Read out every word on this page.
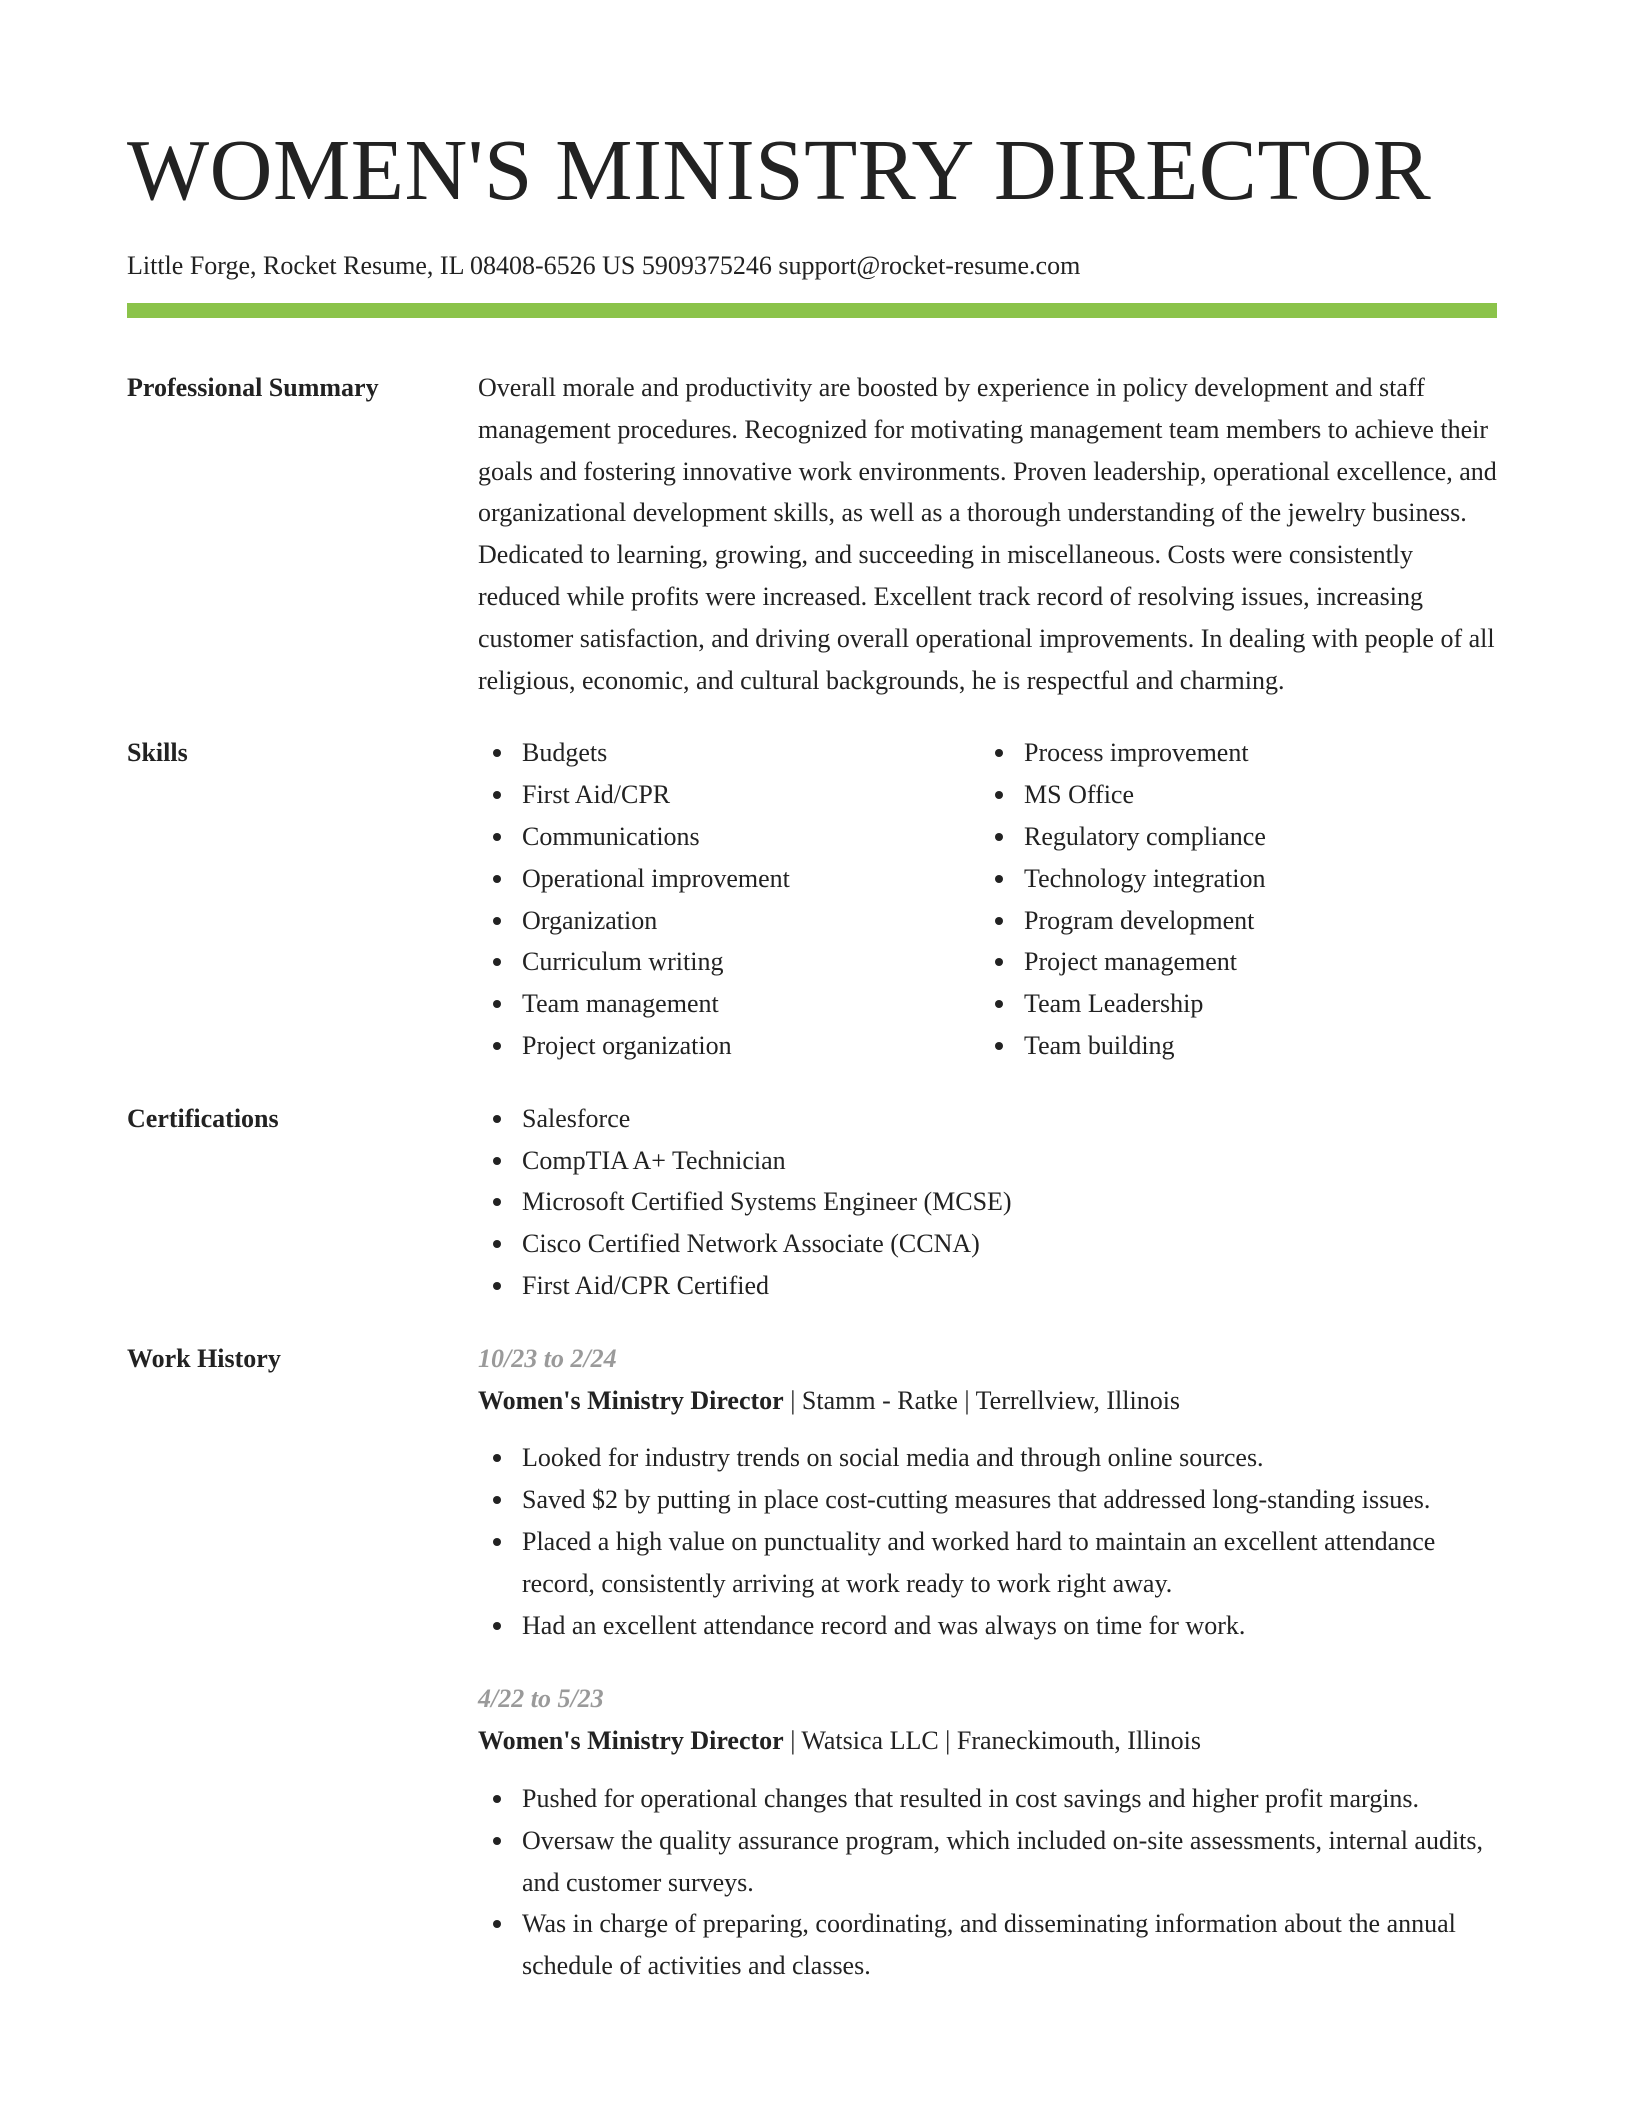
WOMEN'S MINISTRY DIRECTOR
Little Forge, Rocket Resume, IL 08408-6526 US 5909375246 support@rocket-resume.com
Professional Summary	Overall morale and productivity are boosted by experience in policy development and staff management procedures. Recognized for motivating management team members to achieve their goals and fostering innovative work environments. Proven leadership, operational excellence, and organizational development skills, as well as a thorough understanding of the jewelry business. Dedicated to learning, growing, and succeeding in miscellaneous. Costs were consistently reduced while profits were increased. Excellent track record of resolving issues, increasing customer satisfaction, and driving overall operational improvements. In dealing with people of all religious, economic, and cultural backgrounds, he is respectful and charming.
Skills	Budgets
First Aid/CPR
Communications
Operational improvement
Organization
Curriculum writing
Team management
Project organization
Process improvement
MS Office
Regulatory compliance
Technology integration
Program development
Project management
Team Leadership
Team building
Certifications	Salesforce
CompTIA A+ Technician
Microsoft Certified Systems Engineer (MCSE)
Cisco Certified Network Associate (CCNA)
First Aid/CPR Certified
Work History	10/23 to 2/24
Women's Ministry Director | Stamm - Ratke | Terrellview, Illinois
Looked for industry trends on social media and through online sources.
Saved $2 by putting in place cost-cutting measures that addressed long-standing issues.
Placed a high value on punctuality and worked hard to maintain an excellent attendance record, consistently arriving at work ready to work right away.
Had an excellent attendance record and was always on time for work.
4/22 to 5/23
Women's Ministry Director | Watsica LLC | Franeckimouth, Illinois
Pushed for operational changes that resulted in cost savings and higher profit margins.
Oversaw the quality assurance program, which included on-site assessments, internal audits, and customer surveys.
Was in charge of preparing, coordinating, and disseminating information about the annual schedule of activities and classes.
